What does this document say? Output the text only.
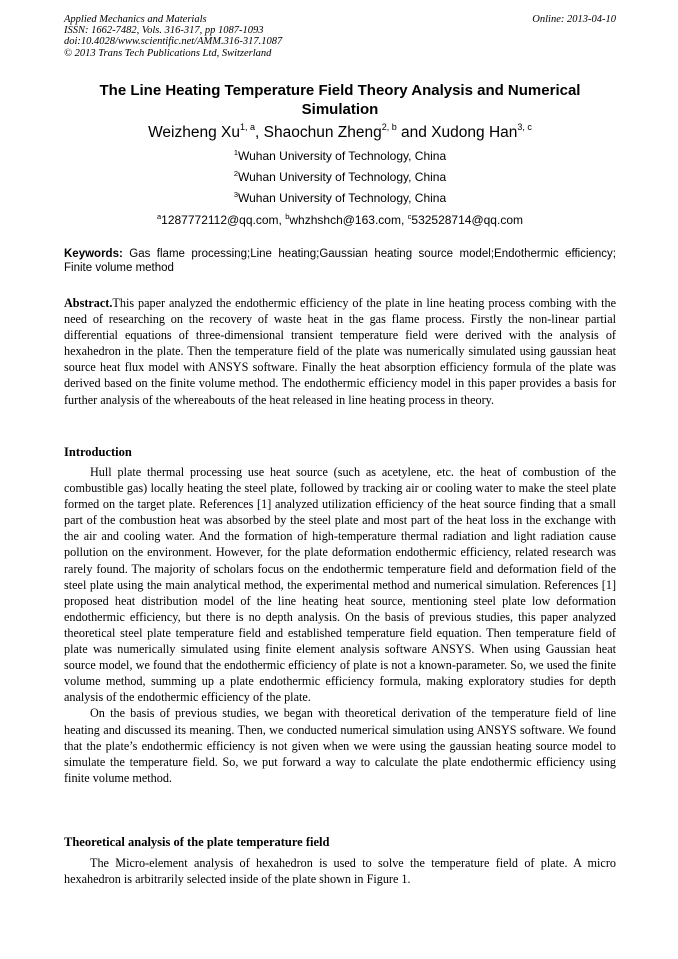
Applied Mechanics and Materials
ISSN: 1662-7482, Vols. 316-317, pp 1087-1093
doi:10.4028/www.scientific.net/AMM.316-317.1087
© 2013 Trans Tech Publications Ltd, Switzerland
Online: 2013-04-10
The Line Heating Temperature Field Theory Analysis and Numerical Simulation
Weizheng Xu$^{1, a}$, Shaochun Zheng$^{2, b}$ and Xudong Han$^{3, c}$
$^1$Wuhan University of Technology, China
$^2$Wuhan University of Technology, China
$^3$Wuhan University of Technology, China
$^a$1287772112@qq.com, $^b$whzhshch@163.com, $^c$532528714@qq.com
Keywords: Gas flame processing;Line heating;Gaussian heating source model;Endothermic efficiency; Finite volume method
Abstract.This paper analyzed the endothermic efficiency of the plate in line heating process combing with the need of researching on the recovery of waste heat in the gas flame process. Firstly the non-linear partial differential equations of three-dimensional transient temperature field were derived with the analysis of hexahedron in the plate. Then the temperature field of the plate was numerically simulated using gaussian heat source heat flux model with ANSYS software. Finally the heat absorption efficiency formula of the plate was derived based on the finite volume method. The endothermic efficiency model in this paper provides a basis for further analysis of the whereabouts of the heat released in line heating process in theory.
Introduction

Hull plate thermal processing use heat source (such as acetylene, etc. the heat of combustion of the combustible gas) locally heating the steel plate, followed by tracking air or cooling water to make the steel plate formed on the target plate. References [1] analyzed utilization efficiency of the heat source finding that a small part of the combustion heat was absorbed by the steel plate and most part of the heat loss in the exchange with the air and cooling water. And the formation of high-temperature thermal radiation and light radiation cause pollution on the environment. However, for the plate deformation endothermic efficiency, related research was rarely found. The majority of scholars focus on the endothermic temperature field and deformation field of the steel plate using the main analytical method, the experimental method and numerical simulation. References [1] proposed heat distribution model of the line heating heat source, mentioning steel plate low deformation endothermic efficiency, but there is no depth analysis. On the basis of previous studies, this paper analyzed theoretical steel plate temperature field and established temperature field equation. Then temperature field of plate was numerically simulated using finite element analysis software ANSYS. When using Gaussian heat source model, we found that the endothermic efficiency of plate is not a known-parameter. So, we used the finite volume method, summing up a plate endothermic efficiency formula, making exploratory studies for depth analysis of the endothermic efficiency of the plate.

On the basis of previous studies, we began with theoretical derivation of the temperature field of line heating and discussed its meaning. Then, we conducted numerical simulation using ANSYS software. We found that the plate’s endothermic efficiency is not given when we were using the gaussian heating source model to simulate the temperature field. So, we put forward a way to calculate the plate endothermic efficiency using finite volume method.

Theoretical analysis of the plate temperature field

The Micro-element analysis of hexahedron is used to solve the temperature field of plate. A micro hexahedron is arbitrarily selected inside of the plate shown in Figure 1.
